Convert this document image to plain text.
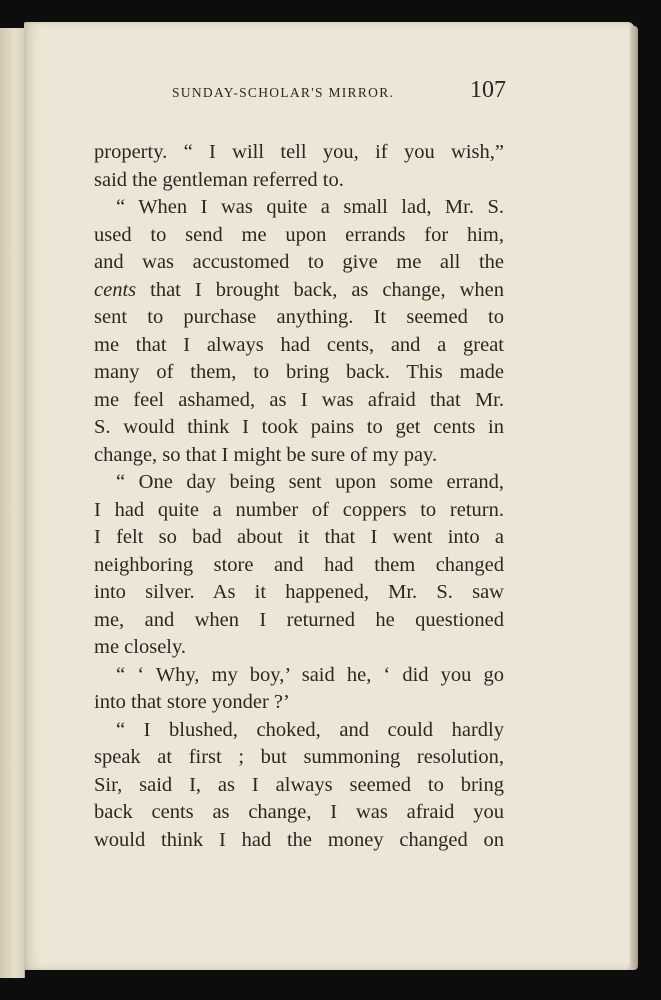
SUNDAY-SCHOLAR'S MIRROR.	107
property. “ I will tell you, if you wish,”
said the gentleman referred to.
“ When I was quite a small lad, Mr. S.
used to send me upon errands for him,
and was accustomed to give me all the
cents that I brought back, as change, when
sent to purchase anything. It seemed to
me that I always had cents, and a great
many of them, to bring back. This made
me feel ashamed, as I was afraid that Mr.
S. would think I took pains to get cents in
change, so that I might be sure of my pay.
“ One day being sent upon some errand,
I had quite a number of coppers to return.
I felt so bad about it that I went into a
neighboring store and had them changed
into silver. As it happened, Mr. S. saw
me, and when I returned he questioned
me closely.
“ ‘ Why, my boy,’ said he, ‘ did you go
into that store yonder ?’
“ I blushed, choked, and could hardly
speak at first ; but summoning resolution,
Sir, said I, as I always seemed to bring
back cents as change, I was afraid you
would think I had the money changed on
